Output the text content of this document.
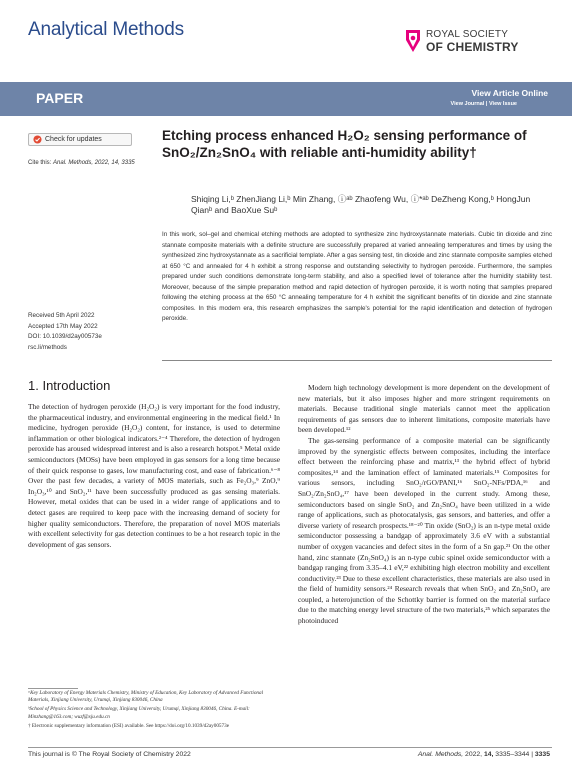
Analytical Methods	ROYAL SOCIETY
OF CHEMISTRY
PAPER	View Article Online
View Journal | View Issue
Check for updates
Cite this: Anal. Methods, 2022, 14, 3335
Etching process enhanced H₂O₂ sensing performance of SnO₂/Zn₂SnO₄ with reliable anti-humidity ability†
Shiqing Li,ᵇ ZhenJiang Li,ᵇ Min Zhang, ⓘᵃᵇ Zhaofeng Wu, ⓘ*ᵃᵇ DeZheng Kong,ᵇ HongJun Qianᵇ and BaoXue Suᵇ
In this work, sol–gel and chemical etching methods are adopted to synthesize zinc hydroxystannate materials. Cubic tin dioxide and zinc stannate composite materials with a definite structure are successfully prepared at varied annealing temperatures and times by using the synthesized zinc hydroxystannate as a sacrificial template. After a gas sensing test, tin dioxide and zinc stannate composite samples etched at 650 °C and annealed for 4 h exhibit a strong response and outstanding selectivity to hydrogen peroxide. Furthermore, the samples prepared under such conditions demonstrate long-term stability, and also a specified level of tolerance after the humidity stability test. Moreover, because of the simple preparation method and rapid detection of hydrogen peroxide, it is worth noting that samples prepared following the etching process at the 650 °C annealing temperature for 4 h exhibit the significant benefits of tin dioxide and zinc stannate composites. In this modern era, this research emphasizes the sample's potential for the rapid identification and detection of hydrogen peroxide.
Received 5th April 2022
Accepted 17th May 2022
DOI: 10.1039/d2ay00573e
rsc.li/methods
1. Introduction

The detection of hydrogen peroxide (H₂O₂) is very important for the food industry, the pharmaceutical industry, and environmental engineering in the medical field.¹ In medicine, hydrogen peroxide (H₂O₂) content, for instance, is used to determine inflammation or other biological indicators.²⁻⁴ Therefore, the detection of hydrogen peroxide has aroused widespread interest and is also a research hotspot.⁵ Metal oxide semiconductors (MOSs) have been employed in gas sensors for a long time because of their quick response to gases, low manufacturing cost, and ease of fabrication.⁶⁻⁸ Over the past few decades, a variety of MOS materials, such as Fe₂O₃,⁹ ZnO,⁹ In₂O₃,¹⁰ and SnO₂,¹¹ have been successfully produced as gas sensing materials. However, metal oxides that can be used in a wider range of applications and to detect gases are required to keep pace with the increasing demand of society for higher quality semiconductors. Therefore, the preparation of novel MOS materials with excellent selectivity for gas detection continues to be a hot research topic in the development of gas sensors.

Modern high technology development is more dependent on the development of new materials, but it also imposes higher and more stringent requirements on materials. Because traditional single materials cannot meet the application requirements of gas sensors due to inherent limitations, composite materials have been developed.¹²

The gas-sensing performance of a composite material can be significantly improved by the synergistic effects between composites, including the interface effect between the reinforcing phase and matrix,¹³ the hybrid effect of hybrid composites,¹⁴ and the lamination effect of laminated materials.¹⁵ Composites for various sensors, including SnO₂/rGO/PANI,¹⁶ SnO₂-NFs/PDA,¹⁶ and SnO₂/Zn₂SnO₄,¹⁷ have been developed in the current study. Among these, semiconductors based on single SnO₂ and Zn₂SnO₄ have been utilized in a wide range of applications, such as photocatalysis, gas sensors, and batteries, and offer a diverse variety of research prospects.¹⁸⁻²⁰ Tin oxide (SnO₂) is an n-type metal oxide semiconductor possessing a bandgap of approximately 3.6 eV with a substantial number of oxygen vacancies and defect sites in the form of a Sn gap.²¹ On the other hand, zinc stannate (Zn₂SnO₄) is an n-type cubic spinel oxide semiconductor with a bandgap ranging from 3.35–4.1 eV,²² exhibiting high electron mobility and excellent conductivity.²³ Due to these excellent characteristics, these materials are also used in the field of humidity sensors.²⁴ Research reveals that when SnO₂ and Zn₂SnO₄ are coupled, a heterojunction of the Schottky barrier is formed on the material surface due to the matching energy level structure of the two materials,²⁵ which separates the photoinduced

ᵃKey Laboratory of Energy Materials Chemistry, Ministry of Education, Key Laboratory of Advanced Functional Materials, Xinjiang University, Urumqi, Xinjiang 830046, China

ᵇSchool of Physics Science and Technology, Xinjiang University, Urumqi, Xinjiang 830046, China. E-mail: Minzhang@163.com; wuzf@xju.edu.cn

† Electronic supplementary information (ESI) available. See https://doi.org/10.1039/d2ay00573e

This journal is © The Royal Society of Chemistry 2022	Anal. Methods, 2022, 14, 3335–3344 | 3335
